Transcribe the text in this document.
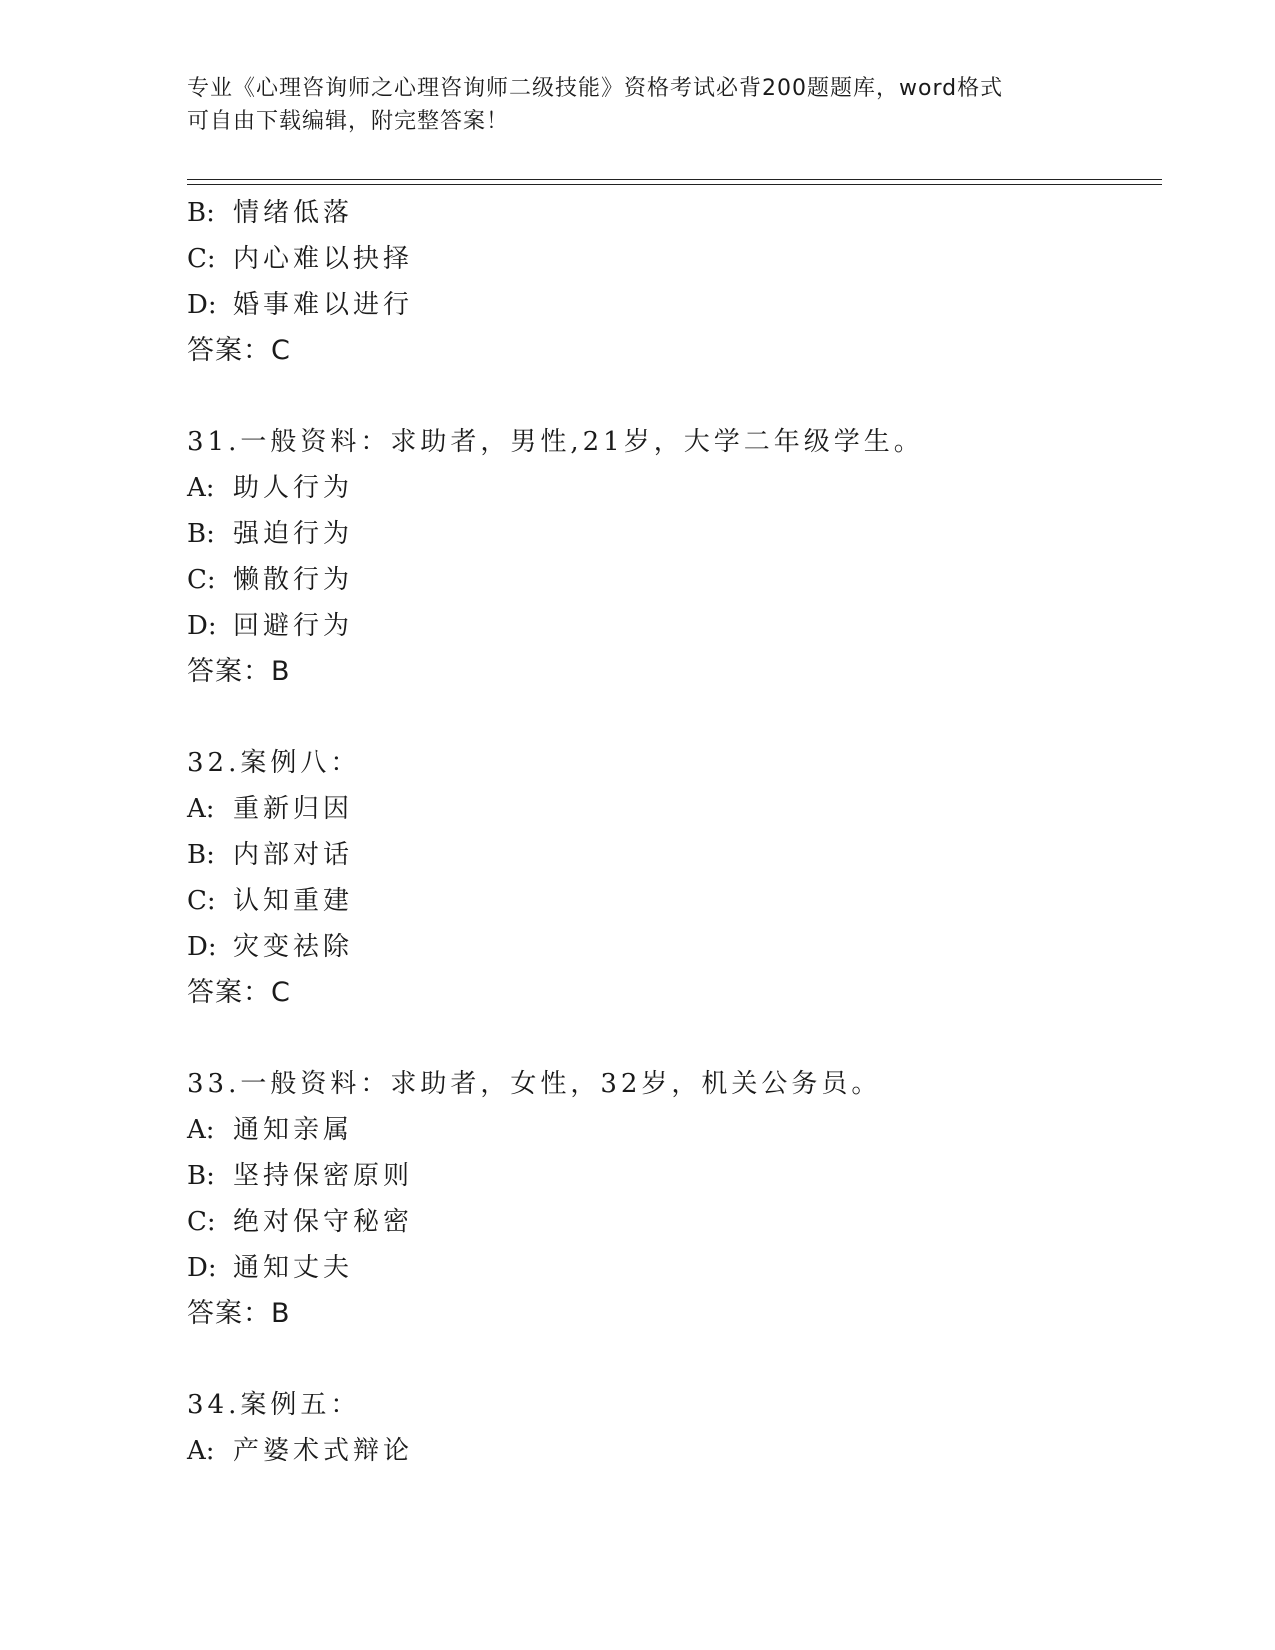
专业《心理咨询师之心理咨询师二级技能》资格考试必背200题题库，word格式
可自由下载编辑，附完整答案！
B: 情绪低落
C: 内心难以抉择
D: 婚事难以进行
答案：C
31.一般资料：求助者，男性,21岁，大学二年级学生。
A: 助人行为
B: 强迫行为
C: 懒散行为
D: 回避行为
答案：B
32.案例八：
A: 重新归因
B: 内部对话
C: 认知重建
D: 灾变祛除
答案：C
33.一般资料：求助者，女性，32岁，机关公务员。
A: 通知亲属
B: 坚持保密原则
C: 绝对保守秘密
D: 通知丈夫
答案：B
34.案例五：
A: 产婆术式辩论
